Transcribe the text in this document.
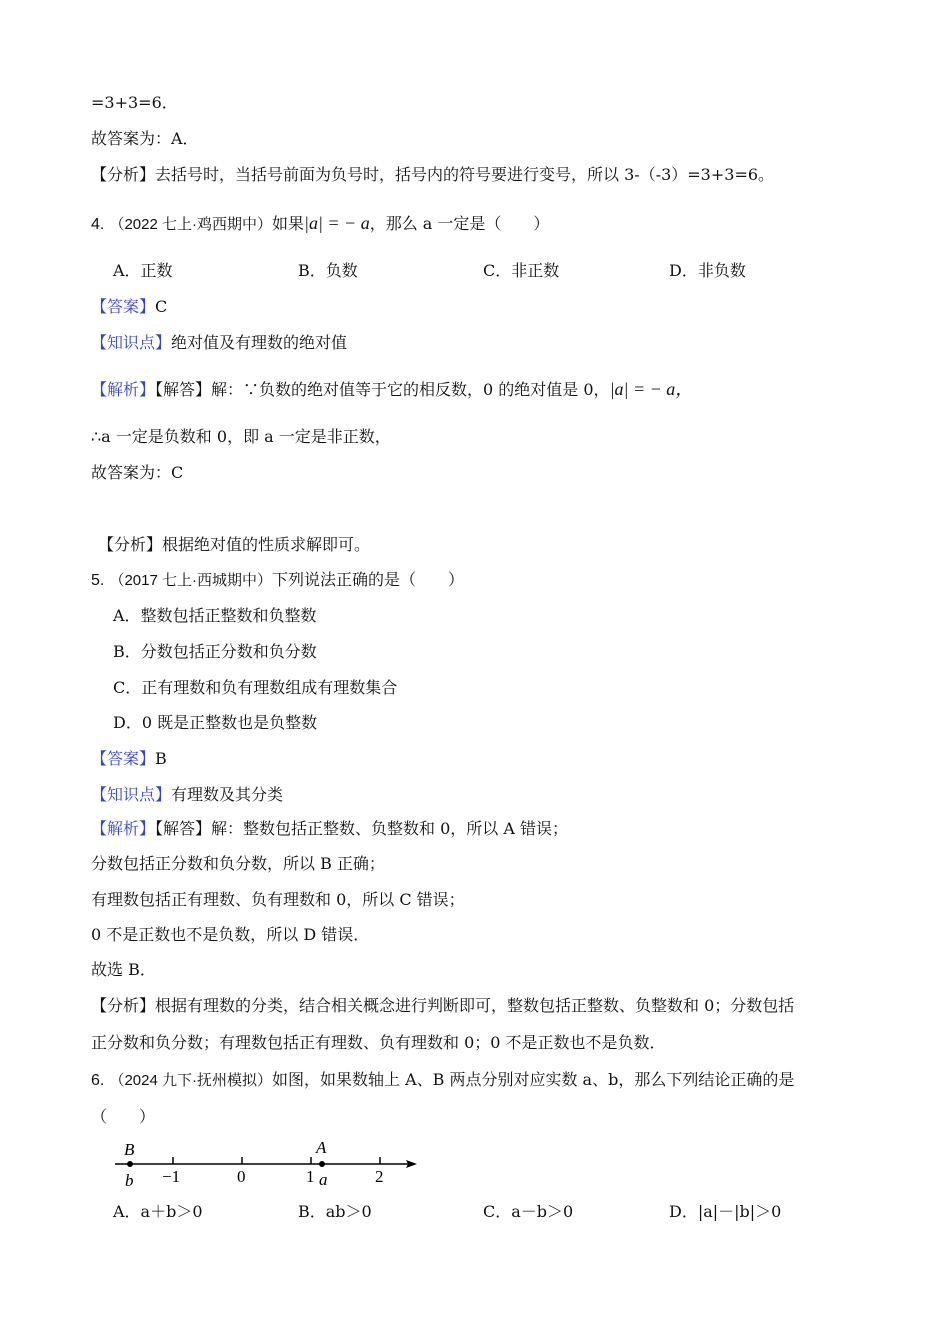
=3+3=6．
故答案为：A．
【分析】去括号时，当括号前面为负号时，括号内的符号要进行变号，所以 3-（-3）=3+3=6。
4. （2022 七上·鸡西期中）如果|a| = − a，那么 a 一定是（　　）
A．正数	B．负数	C．非正数	D．非负数
【答案】C
【知识点】绝对值及有理数的绝对值
【解析】【解答】解：∵负数的绝对值等于它的相反数，0 的绝对值是 0，|a| = − a，
∴a 一定是负数和 0，即 a 一定是非正数，
故答案为：C
【分析】根据绝对值的性质求解即可。
5. （2017 七上·西城期中）下列说法正确的是（　　）
A．整数包括正整数和负整数
B．分数包括正分数和负分数
C．正有理数和负有理数组成有理数集合
D．0 既是正整数也是负整数
【答案】B
【知识点】有理数及其分类
【解析】【解答】解：整数包括正整数、负整数和 0，所以 A 错误；
分数包括正分数和负分数，所以 B 正确；
有理数包括正有理数、负有理数和 0，所以 C 错误；
0 不是正数也不是负数，所以 D 错误．
故选 B．
【分析】根据有理数的分类，结合相关概念进行判断即可，整数包括正整数、负整数和 0；分数包括
正分数和负分数；有理数包括正有理数、负有理数和 0；0 不是正数也不是负数．
6. （2024 九下·抚州模拟）如图，如果数轴上 A、B 两点分别对应实数 a、b，那么下列结论正确的是
（　　）
B
b
A
a
−1	0	1	2
A．a＋b＞0	B．ab＞0	C．a－b＞0	D．|a|－|b|＞0
